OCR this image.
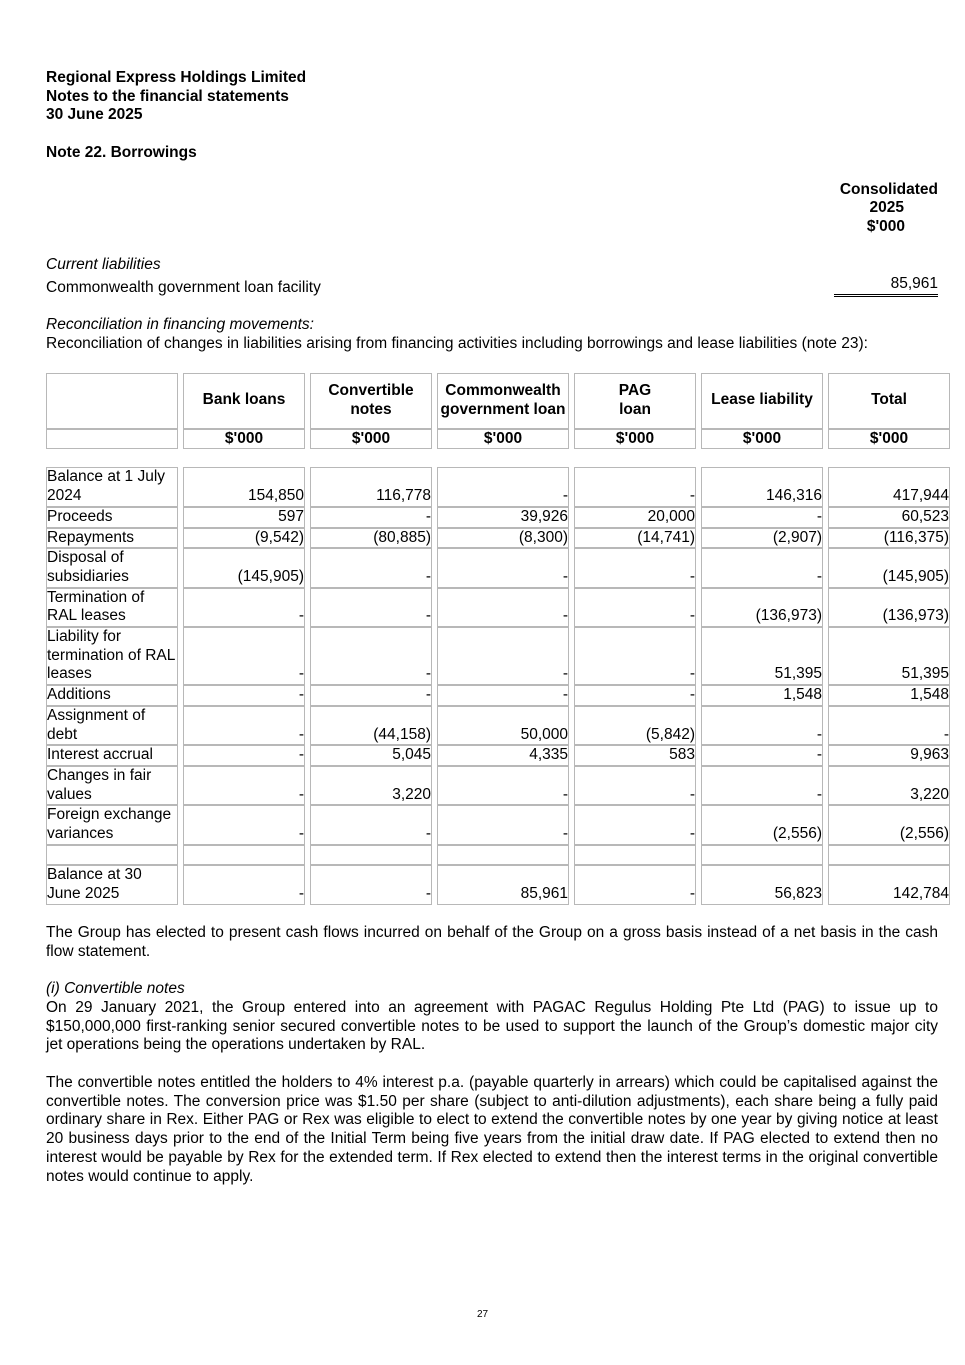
Regional Express Holdings Limited
Notes to the financial statements
30 June 2025
Note 22. Borrowings
Consolidated
2025
$'000
Current liabilities
Commonwealth government loan facility	85,961
Reconciliation in financing movements:
Reconciliation of changes in liabilities arising from financing activities including borrowings and lease liabilities (note 23):
	Bank loans	Convertible notes	Commonwealth government loan	PAG loan	Lease liability	Total
	$'000	$'000	$'000	$'000	$'000	$'000
Balance at 1 July 2024	154,850	116,778	-	-	146,316	417,944
Proceeds	597	-	39,926	20,000	-	60,523
Repayments	(9,542)	(80,885)	(8,300)	(14,741)	(2,907)	(116,375)
Disposal of subsidiaries	(145,905)	-	-	-	-	(145,905)
Termination of RAL leases	-	-	-	-	(136,973)	(136,973)
Liability for termination of RAL leases	-	-	-	-	51,395	51,395
Additions	-	-	-	-	1,548	1,548
Assignment of debt	-	(44,158)	50,000	(5,842)	-	-
Interest accrual	-	5,045	4,335	583	-	9,963
Changes in fair values	-	3,220	-	-	-	3,220
Foreign exchange variances	-	-	-	-	(2,556)	(2,556)

Balance at 30 June 2025	-	-	85,961	-	56,823	142,784
The Group has elected to present cash flows incurred on behalf of the Group on a gross basis instead of a net basis in the cash flow statement.
(i) Convertible notes
On 29 January 2021, the Group entered into an agreement with PAGAC Regulus Holding Pte Ltd (PAG) to issue up to $150,000,000 first-ranking senior secured convertible notes to be used to support the launch of the Group’s domestic major city jet operations being the operations undertaken by RAL.
The convertible notes entitled the holders to 4% interest p.a. (payable quarterly in arrears) which could be capitalised against the convertible notes. The conversion price was $1.50 per share (subject to anti-dilution adjustments), each share being a fully paid ordinary share in Rex. Either PAG or Rex was eligible to elect to extend the convertible notes by one year by giving notice at least 20 business days prior to the end of the Initial Term being five years from the initial draw date. If PAG elected to extend then no interest would be payable by Rex for the extended term. If Rex elected to extend then the interest terms in the original convertible notes would continue to apply.
27
